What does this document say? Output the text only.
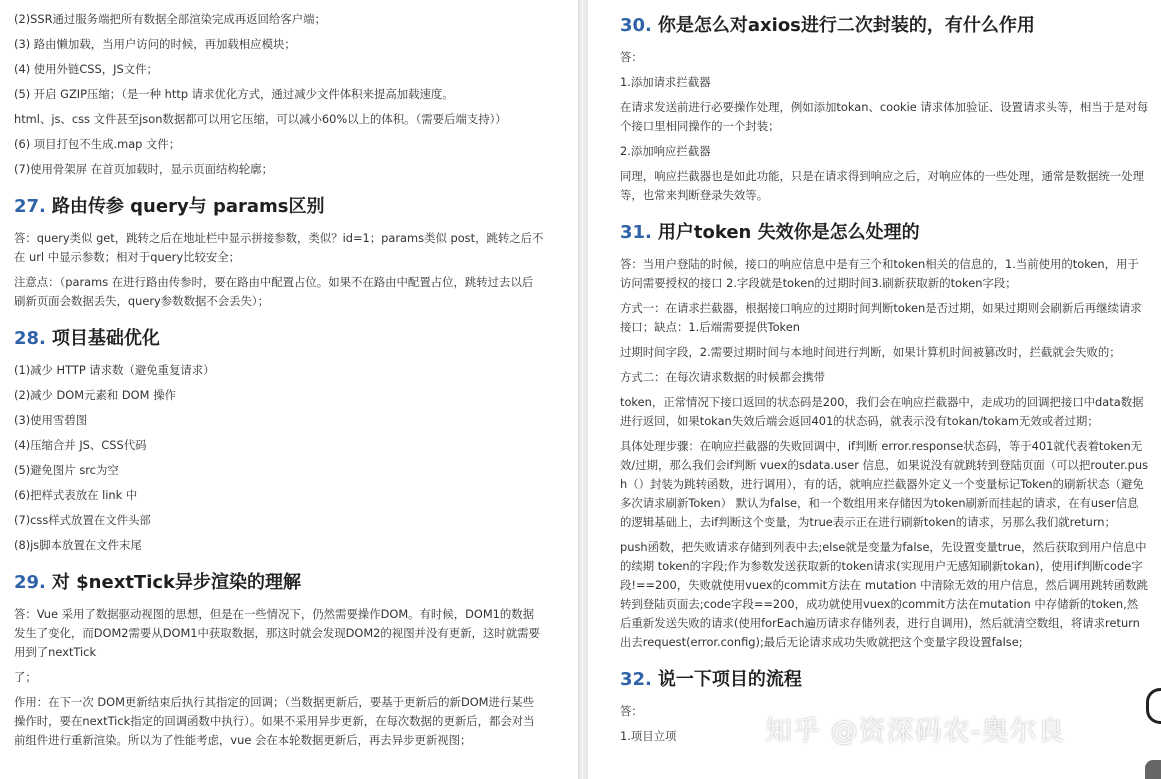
(2)SSR通过服务端把所有数据全部渲染完成再返回给客户端；

(3) 路由懒加载，当用户访问的时候，再加载相应模块；

(4) 使用外链CSS，JS文件；

(5) 开启 GZIP压缩；（是一种 http 请求优化方式，通过减少文件体积来提高加载速度。

html、js、css 文件甚至json数据都可以用它压缩，可以减小60%以上的体积。（需要后端支持））

(6) 项目打包不生成.map 文件；

(7)使用骨架屏 在首页加载时，显示页面结构轮廓；

27. 路由传参 query与 params区别

答：query类似 get，跳转之后在地址栏中显示拼接参数，类似？id=1；params类似 post，跳转之后不在 url 中显示参数；相对于query比较安全；

注意点：（params 在进行路由传参时，要在路由中配置占位。如果不在路由中配置占位，跳转过去以后刷新页面会数据丢失，query参数数据不会丢失）；

28. 项目基础优化

(1)减少 HTTP 请求数（避免重复请求）

(2)减少 DOM元素和 DOM 操作

(3)使用雪碧图

(4)压缩合并 JS、CSS代码

(5)避免图片 src为空

(6)把样式表放在 link 中

(7)css样式放置在文件头部

(8)js脚本放置在文件末尾

29. 对 $nextTick异步渲染的理解

答：Vue 采用了数据驱动视图的思想，但是在一些情况下，仍然需要操作DOM。有时候，DOM1的数据发生了变化，而DOM2需要从DOM1中获取数据，那这时就会发现DOM2的视图并没有更新，这时就需要用到了nextTick

了；

作用：在下一次 DOM更新结束后执行其指定的回调；（当数据更新后，要基于更新后的新DOM进行某些操作时，要在nextTick指定的回调函数中执行）。如果不采用异步更新，在每次数据的更新后，都会对当前组件进行重新渲染。所以为了性能考虑，vue 会在本轮数据更新后，再去异步更新视图；

30. 你是怎么对axios进行二次封装的，有什么作用

答：

1.添加请求拦截器

在请求发送前进行必要操作处理，例如添加tokan、cookie 请求体加验证、设置请求头等，相当于是对每个接口里相同操作的一个封装；

2.添加响应拦截器

同理，响应拦截器也是如此功能，只是在请求得到响应之后，对响应体的一些处理，通常是数据统一处理等，也常来判断登录失效等。

31. 用户token 失效你是怎么处理的

答：当用户登陆的时候，接口的响应信息中是有三个和token相关的信息的，1.当前使用的token，用于访问需要授权的接口 2.字段就是token的过期时间3.刷新获取新的token字段；

方式一：在请求拦截器，根据接口响应的过期时间判断token是否过期，如果过期则会刷新后再继续请求接口；缺点：1.后端需要提供Token

过期时间字段，2.需要过期时间与本地时间进行判断，如果计算机时间被篡改时，拦截就会失败的；

方式二：在每次请求数据的时候都会携带

token，正常情况下接口返回的状态码是200，我们会在响应拦截器中，走成功的回调把接口中data数据进行返回，如果tokan失效后端会返回401的状态码，就表示没有tokan/tokam无效或者过期；

具体处理步骤：在响应拦截器的失败回调中，if判断 error.response状态码，等于401就代表着token无效/过期，那么我们会if判断 vuex的sdata.user 信息，如果说没有就跳转到登陆页面（可以把router.push（）封装为跳转函数，进行调用），有的话，就响应拦截器外定义一个变量标记Token的刷新状态（避免多次请求刷新Token） 默认为false，和一个数组用来存储因为token刷新而挂起的请求，在有user信息的逻辑基础上，去if判断这个变量，为true表示正在进行刷新token的请求，另那么我们就return；

push函数，把失败请求存储到列表中去;else就是变量为false，先设置变量true，然后获取到用户信息中的续期 token的字段;作为参数发送获取新的token请求(实现用户无感知刷新tokan)，使用if判断code字段!==200，失败就使用vuex的commit方法在 mutation 中清除无效的用户信息，然后调用跳转函数跳转到登陆页面去;code字段==200，成功就使用vuex的commit方法在mutation 中存储新的token,然后重新发送失败的请求(使用forEach遍历请求存储列表，进行自调用)，然后就清空数组，将请求return 出去request(error.config);最后无论请求成功失败就把这个变量字段设置false;

32. 说一下项目的流程

答：

1.项目立项	知乎 @资深码农-奥尔良
